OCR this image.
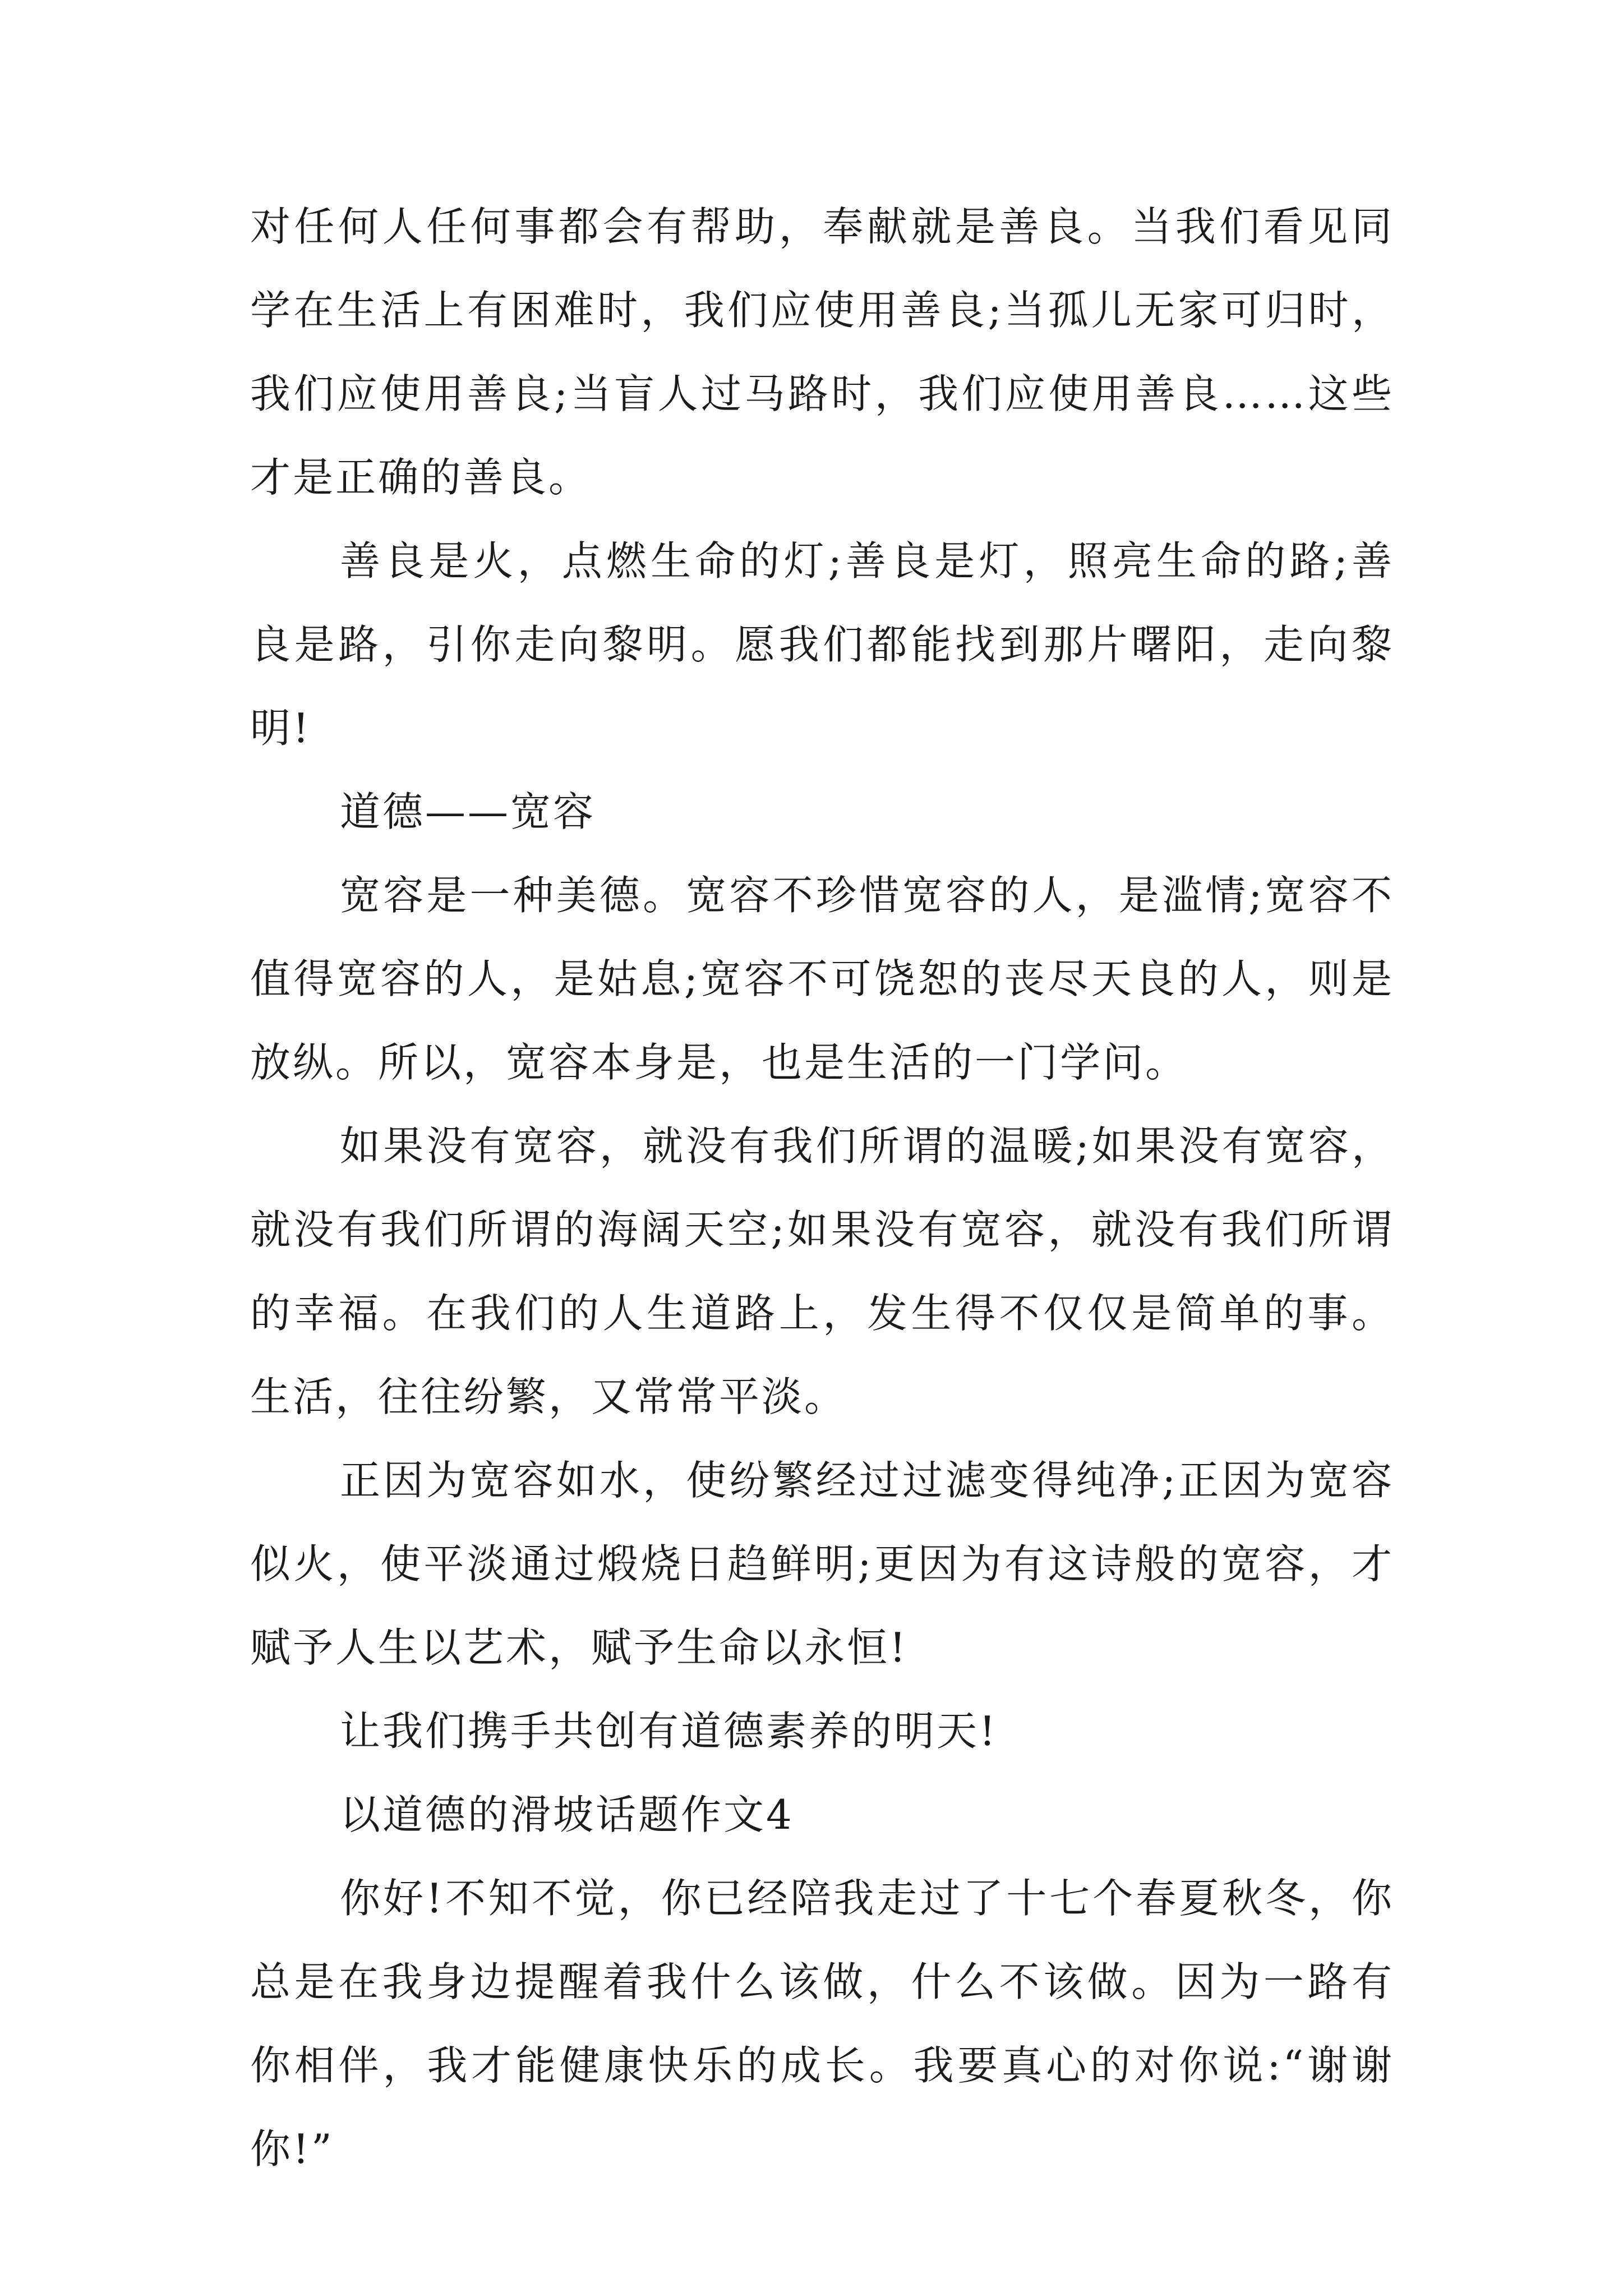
对任何人任何事都会有帮助，奉献就是善良。当我们看见同学在生活上有困难时，我们应使用善良;当孤儿无家可归时，我们应使用善良;当盲人过马路时，我们应使用善良……这些才是正确的善良。

善良是火，点燃生命的灯;善良是灯，照亮生命的路;善良是路，引你走向黎明。愿我们都能找到那片曙阳，走向黎明!

道德——宽容

宽容是一种美德。宽容不珍惜宽容的人，是滥情;宽容不值得宽容的人，是姑息;宽容不可饶恕的丧尽天良的人，则是放纵。所以，宽容本身是，也是生活的一门学问。

如果没有宽容，就没有我们所谓的温暖;如果没有宽容，就没有我们所谓的海阔天空;如果没有宽容，就没有我们所谓的幸福。在我们的人生道路上，发生得不仅仅是简单的事。生活，往往纷繁，又常常平淡。

正因为宽容如水，使纷繁经过过滤变得纯净;正因为宽容似火，使平淡通过煅烧日趋鲜明;更因为有这诗般的宽容，才赋予人生以艺术，赋予生命以永恒!

让我们携手共创有道德素养的明天!

以道德的滑坡话题作文4

你好!不知不觉，你已经陪我走过了十七个春夏秋冬，你总是在我身边提醒着我什么该做，什么不该做。因为一路有你相伴，我才能健康快乐的成长。我要真心的对你说:“谢谢你!”
